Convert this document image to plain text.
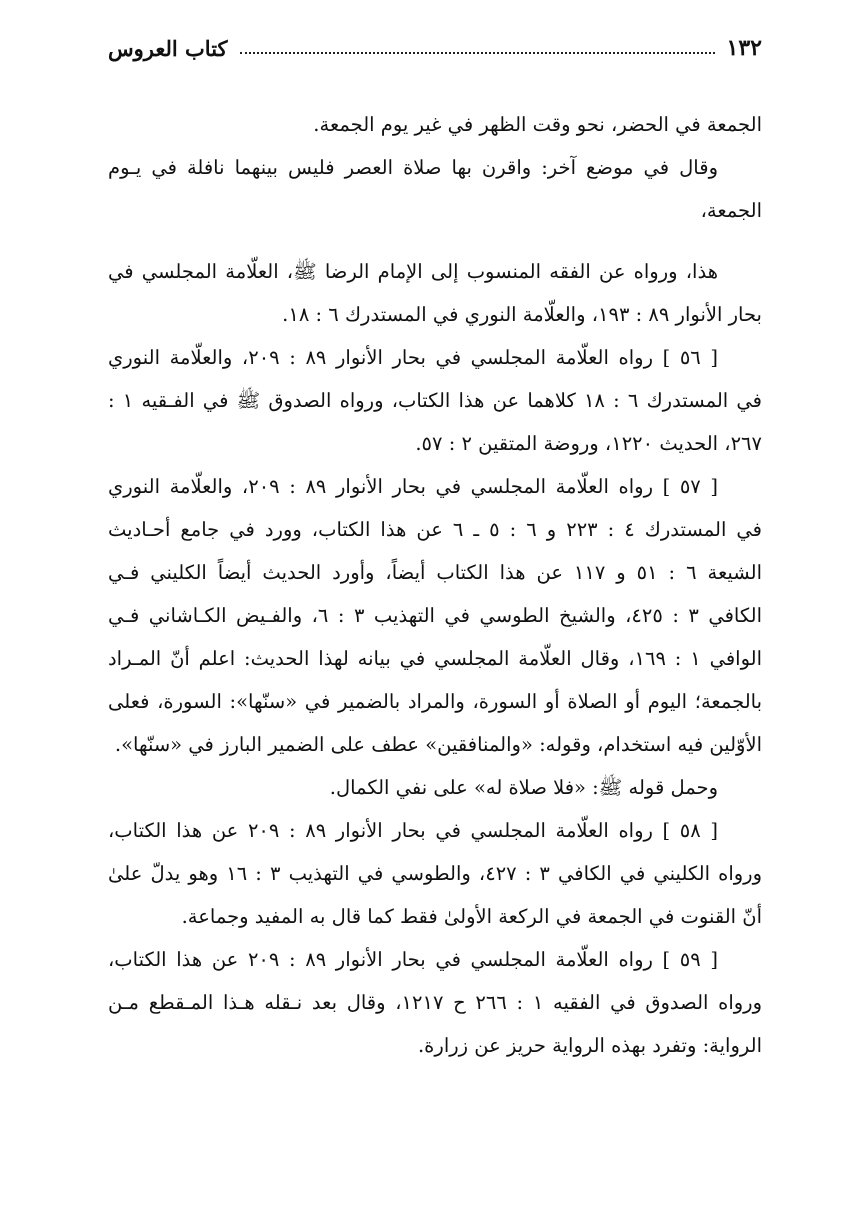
١٣٢
كتاب العروس
الجمعة في الحضر، نحو وقت الظهر في غير يوم الجمعة.
وقال في موضع آخر: واقرن بها صلاة العصر فليس بينهما نافلة في يـوم
الجمعة،
هذا، ورواه عن الفقه المنسوب إلى الإمام الرضا ﷺ، العلّامة المجلسي في
بحار الأنوار ٨٩ : ١٩٣، والعلّامة النوري في المستدرك ٦ : ١٨.
[ ٥٦ ] رواه العلّامة المجلسي في بحار الأنوار ٨٩ : ٢٠٩، والعلّامة النوري
في المستدرك ٦ : ١٨ كلاهما عن هذا الكتاب، ورواه الصدوق ﷺ في الفـقيه ١ :
٢٦٧، الحديث ١٢٢٠، وروضة المتقين ٢ : ٥٧.
[ ٥٧ ] رواه العلّامة المجلسي في بحار الأنوار ٨٩ : ٢٠٩، والعلّامة النوري
في المستدرك ٤ : ٢٢٣ و ٦ : ٥ ـ ٦ عن هذا الكتاب، وورد في جامع أحـاديث
الشيعة ٦ : ٥١ و ١١٧ عن هذا الكتاب أيضاً، وأورد الحديث أيضاً الكليني فـي
الكافي ٣ : ٤٢٥، والشيخ الطوسي في التهذيب ٣ : ٦، والفـيض الكـاشاني فـي
الوافي ١ : ١٦٩، وقال العلّامة المجلسي في بيانه لهذا الحديث: اعلم أنّ المـراد
بالجمعة؛ اليوم أو الصلاة أو السورة، والمراد بالضمير في «سنّها»: السورة، فعلى
الأوّلين فيه استخدام، وقوله: «والمنافقين» عطف على الضمير البارز في «سنّها».
وحمل قوله ﷺ: «فلا صلاة له» على نفي الكمال.
[ ٥٨ ] رواه العلّامة المجلسي في بحار الأنوار ٨٩ : ٢٠٩ عن هذا الكتاب،
ورواه الكليني في الكافي ٣ : ٤٢٧، والطوسي في التهذيب ٣ : ١٦ وهو يدلّ علىٰ
أنّ القنوت في الجمعة في الركعة الأولىٰ فقط كما قال به المفيد وجماعة.
[ ٥٩ ] رواه العلّامة المجلسي في بحار الأنوار ٨٩ : ٢٠٩ عن هذا الكتاب،
ورواه الصدوق في الفقيه ١ : ٢٦٦ ح ١٢١٧، وقال بعد نـقله هـذا المـقطع مـن
الرواية: وتفرد بهذه الرواية حريز عن زرارة.
